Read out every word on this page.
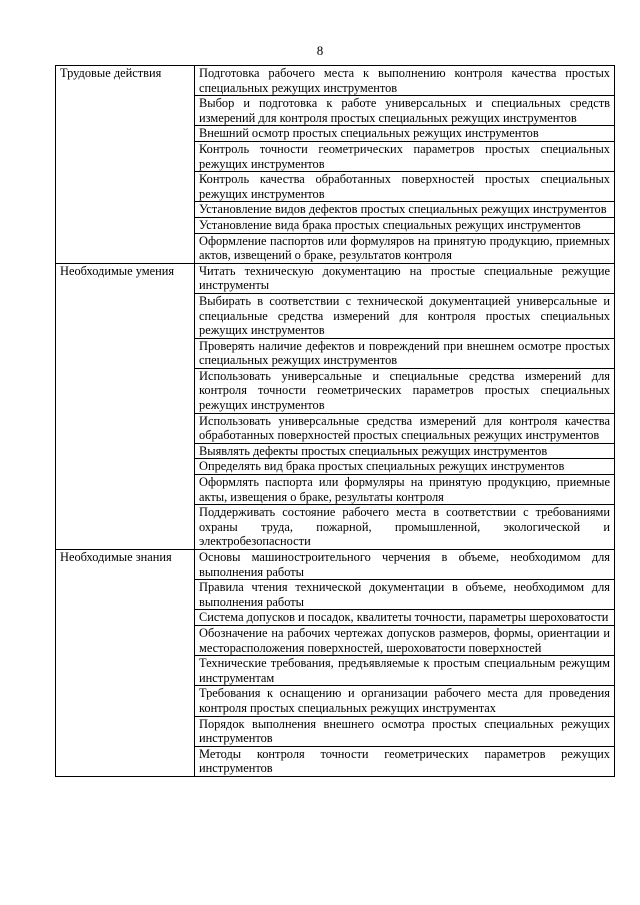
8
Трудовые действия	Подготовка рабочего места к выполнению контроля качества простых специальных режущих инструментов
	Выбор и подготовка к работе универсальных и специальных средств измерений для контроля простых специальных режущих инструментов
	Внешний осмотр простых специальных режущих инструментов
	Контроль точности геометрических параметров простых специальных режущих инструментов
	Контроль качества обработанных поверхностей простых специальных режущих инструментов
	Установление видов дефектов простых специальных режущих инструментов
	Установление вида брака простых специальных режущих инструментов
	Оформление паспортов или формуляров на принятую продукцию, приемных актов, извещений о браке, результатов контроля
Необходимые умения	Читать техническую документацию на простые специальные режущие инструменты
	Выбирать в соответствии с технической документацией универсальные и специальные средства измерений для контроля простых специальных режущих инструментов
	Проверять наличие дефектов и повреждений при внешнем осмотре простых специальных режущих инструментов
	Использовать универсальные и специальные средства измерений для контроля точности геометрических параметров простых специальных режущих инструментов
	Использовать универсальные средства измерений для контроля качества обработанных поверхностей простых специальных режущих инструментов
	Выявлять дефекты простых специальных режущих инструментов
	Определять вид брака простых специальных режущих инструментов
	Оформлять паспорта или формуляры на принятую продукцию, приемные акты, извещения о браке, результаты контроля
	Поддерживать состояние рабочего места в соответствии с требованиями охраны труда, пожарной, промышленной, экологической и электробезопасности
Необходимые знания	Основы машиностроительного черчения в объеме, необходимом для выполнения работы
	Правила чтения технической документации в объеме, необходимом для выполнения работы
	Система допусков и посадок, квалитеты точности, параметры шероховатости
	Обозначение на рабочих чертежах допусков размеров, формы, ориентации и месторасположения поверхностей, шероховатости поверхностей
	Технические требования, предъявляемые к простым специальным режущим инструментам
	Требования к оснащению и организации рабочего места для проведения контроля простых специальных режущих инструментах
	Порядок выполнения внешнего осмотра простых специальных режущих инструментов
	Методы контроля точности геометрических параметров режущих инструментов
